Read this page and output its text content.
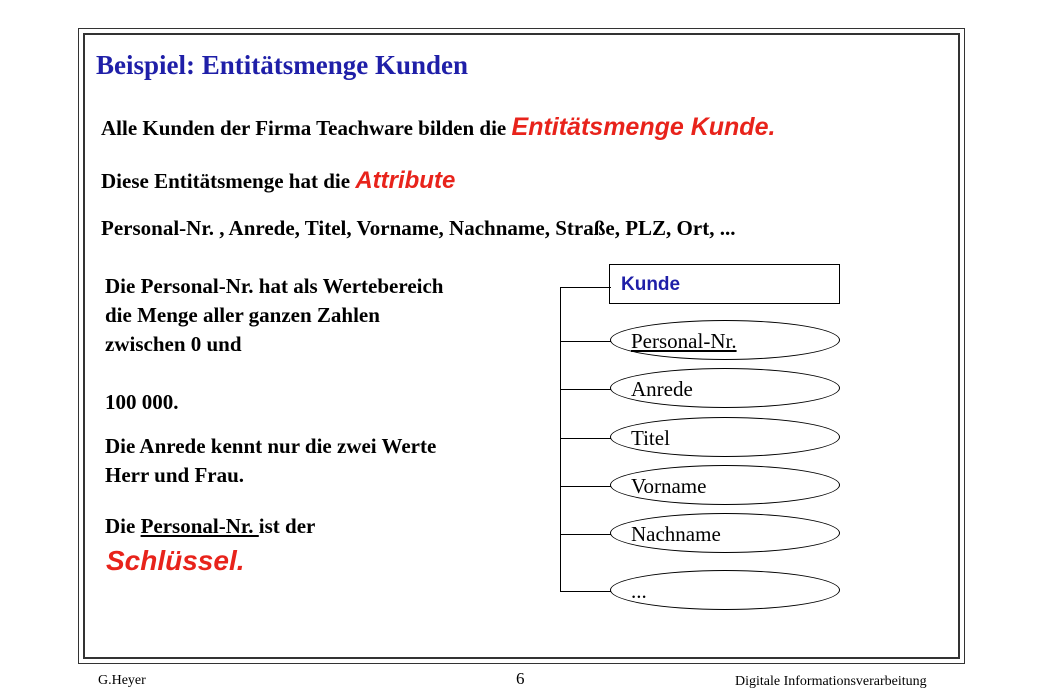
Beispiel: Entitätsmenge Kunden
Alle Kunden der Firma Teachware bilden die Entitätsmenge Kunde.
Diese Entitätsmenge hat die Attribute
Personal-Nr. , Anrede, Titel, Vorname, Nachname, Straße, PLZ, Ort, ...
Die Personal-Nr. hat als Wertebereich die Menge aller ganzen Zahlen zwischen 0 und
100 000.
Die Anrede kennt nur die zwei Werte Herr und Frau.
Die Personal-Nr. ist der
Schlüssel.
Kunde
Personal-Nr.
Anrede
Titel
Vorname
Nachname
...
G.Heyer	6	Digitale Informationsverarbeitung
